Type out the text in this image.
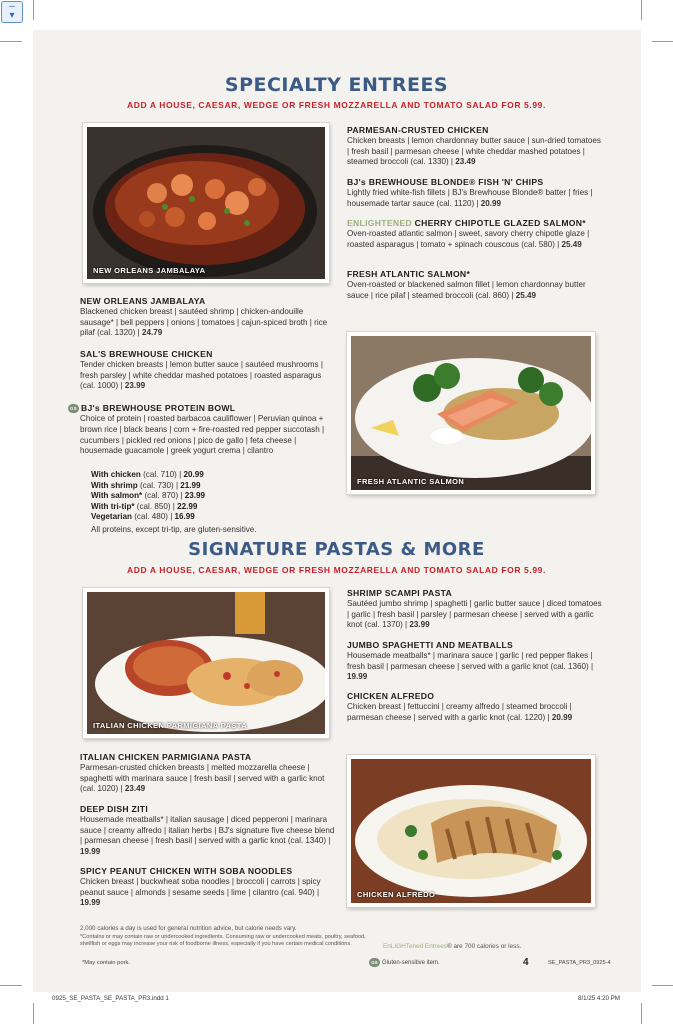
–
▾
SPECIALTY ENTREES
ADD A HOUSE, CAESAR, WEDGE OR FRESH MOZZARELLA AND TOMATO SALAD FOR 5.99.
NEW ORLEANS JAMBALAYA
PARMESAN-CRUSTED CHICKEN
Chicken breasts | lemon chardonnay butter sauce | sun-dried tomatoes | fresh basil | parmesan cheese | white cheddar mashed potatoes | steamed broccoli (cal. 1330) | 23.49
BJ's BREWHOUSE BLONDE® FISH 'N' CHIPS
Lightly fried white-fish fillets | BJ's Brewhouse Blonde® batter | fries | housemade tartar sauce (cal. 1120) | 20.99
ENLIGHTENED CHERRY CHIPOTLE GLAZED SALMON*
Oven-roasted atlantic salmon | sweet, savory cherry chipotle glaze | roasted asparagus | tomato + spinach couscous (cal. 580) | 25.49
FRESH ATLANTIC SALMON*
Oven-roasted or blackened salmon fillet | lemon chardonnay butter sauce | rice pilaf | steamed broccoli (cal. 860) | 25.49
FRESH ATLANTIC SALMON
NEW ORLEANS JAMBALAYA
Blackened chicken breast | sautéed shrimp | chicken-andouille sausage* | bell peppers | onions | tomatoes | cajun-spiced broth | rice pilaf (cal. 1320) | 24.79
SAL'S BREWHOUSE CHICKEN
Tender chicken breasts | lemon butter sauce | sautéed mushrooms | fresh parsley | white cheddar mashed potatoes | roasted asparagus (cal. 1000) | 23.99
GS BJ's BREWHOUSE PROTEIN BOWL
Choice of protein | roasted barbacoa cauliflower | Peruvian quinoa + brown rice | black beans | corn + fire-roasted red pepper succotash | cucumbers | pickled red onions | pico de gallo | feta cheese | housemade guacamole | greek yogurt crema | cilantro
With chicken (cal. 710) | 20.99
With shrimp (cal. 730) | 21.99
With salmon* (cal. 870) | 23.99
With tri-tip* (cal. 850) | 22.99
Vegetarian (cal. 480) | 16.99
All proteins, except tri-tip, are gluten-sensitive.
SIGNATURE PASTAS & MORE
ADD A HOUSE, CAESAR, WEDGE OR FRESH MOZZARELLA AND TOMATO SALAD FOR 5.99.
ITALIAN CHICKEN PARMIGIANA PASTA
SHRIMP SCAMPI PASTA
Sautéed jumbo shrimp | spaghetti | garlic butter sauce | diced tomatoes | garlic | fresh basil | parsley | parmesan cheese | served with a garlic knot (cal. 1370) | 23.99
JUMBO SPAGHETTI AND MEATBALLS
Housemade meatballs* | marinara sauce | garlic | red pepper flakes | fresh basil | parmesan cheese | served with a garlic knot (cal. 1360) | 19.99
CHICKEN ALFREDO
Chicken breast | fettuccini | creamy alfredo | steamed broccoli | parmesan cheese | served with a garlic knot (cal. 1220) | 20.99
CHICKEN ALFREDO
ITALIAN CHICKEN PARMIGIANA PASTA
Parmesan-crusted chicken breasts | melted mozzarella cheese | spaghetti with marinara sauce | fresh basil | served with a garlic knot (cal. 1020) | 23.49
DEEP DISH ZITI
Housemade meatballs* | italian sausage | diced pepperoni | marinara sauce | creamy alfredo | italian herbs | BJ's signature five cheese blend | parmesan cheese | fresh basil | served with a garlic knot (cal. 1340) | 19.99
SPICY PEANUT CHICKEN WITH SOBA NOODLES
Chicken breast | buckwheat soba noodles | broccoli | carrots | spicy peanut sauce | almonds | sesame seeds | lime | cilantro (cal. 940) | 19.99
2,000 calories a day is used for general nutrition advice, but calorie needs vary.
*Contains or may contain raw or undercooked ingredients. Consuming raw or undercooked meats, poultry, seafood,
shellfish or eggs may increase your risk of foodborne illness, especially if you have certain medical conditions.	EnLIGHTened Entrees® are 700 calories or less.
*May contain pork.	GS Gluten-sensitive item.	4	SE_PASTA_PR3_0925-4
0925_SE_PASTA_SE_PASTA_PR3.indd 1	8/1/25 4:20 PM
